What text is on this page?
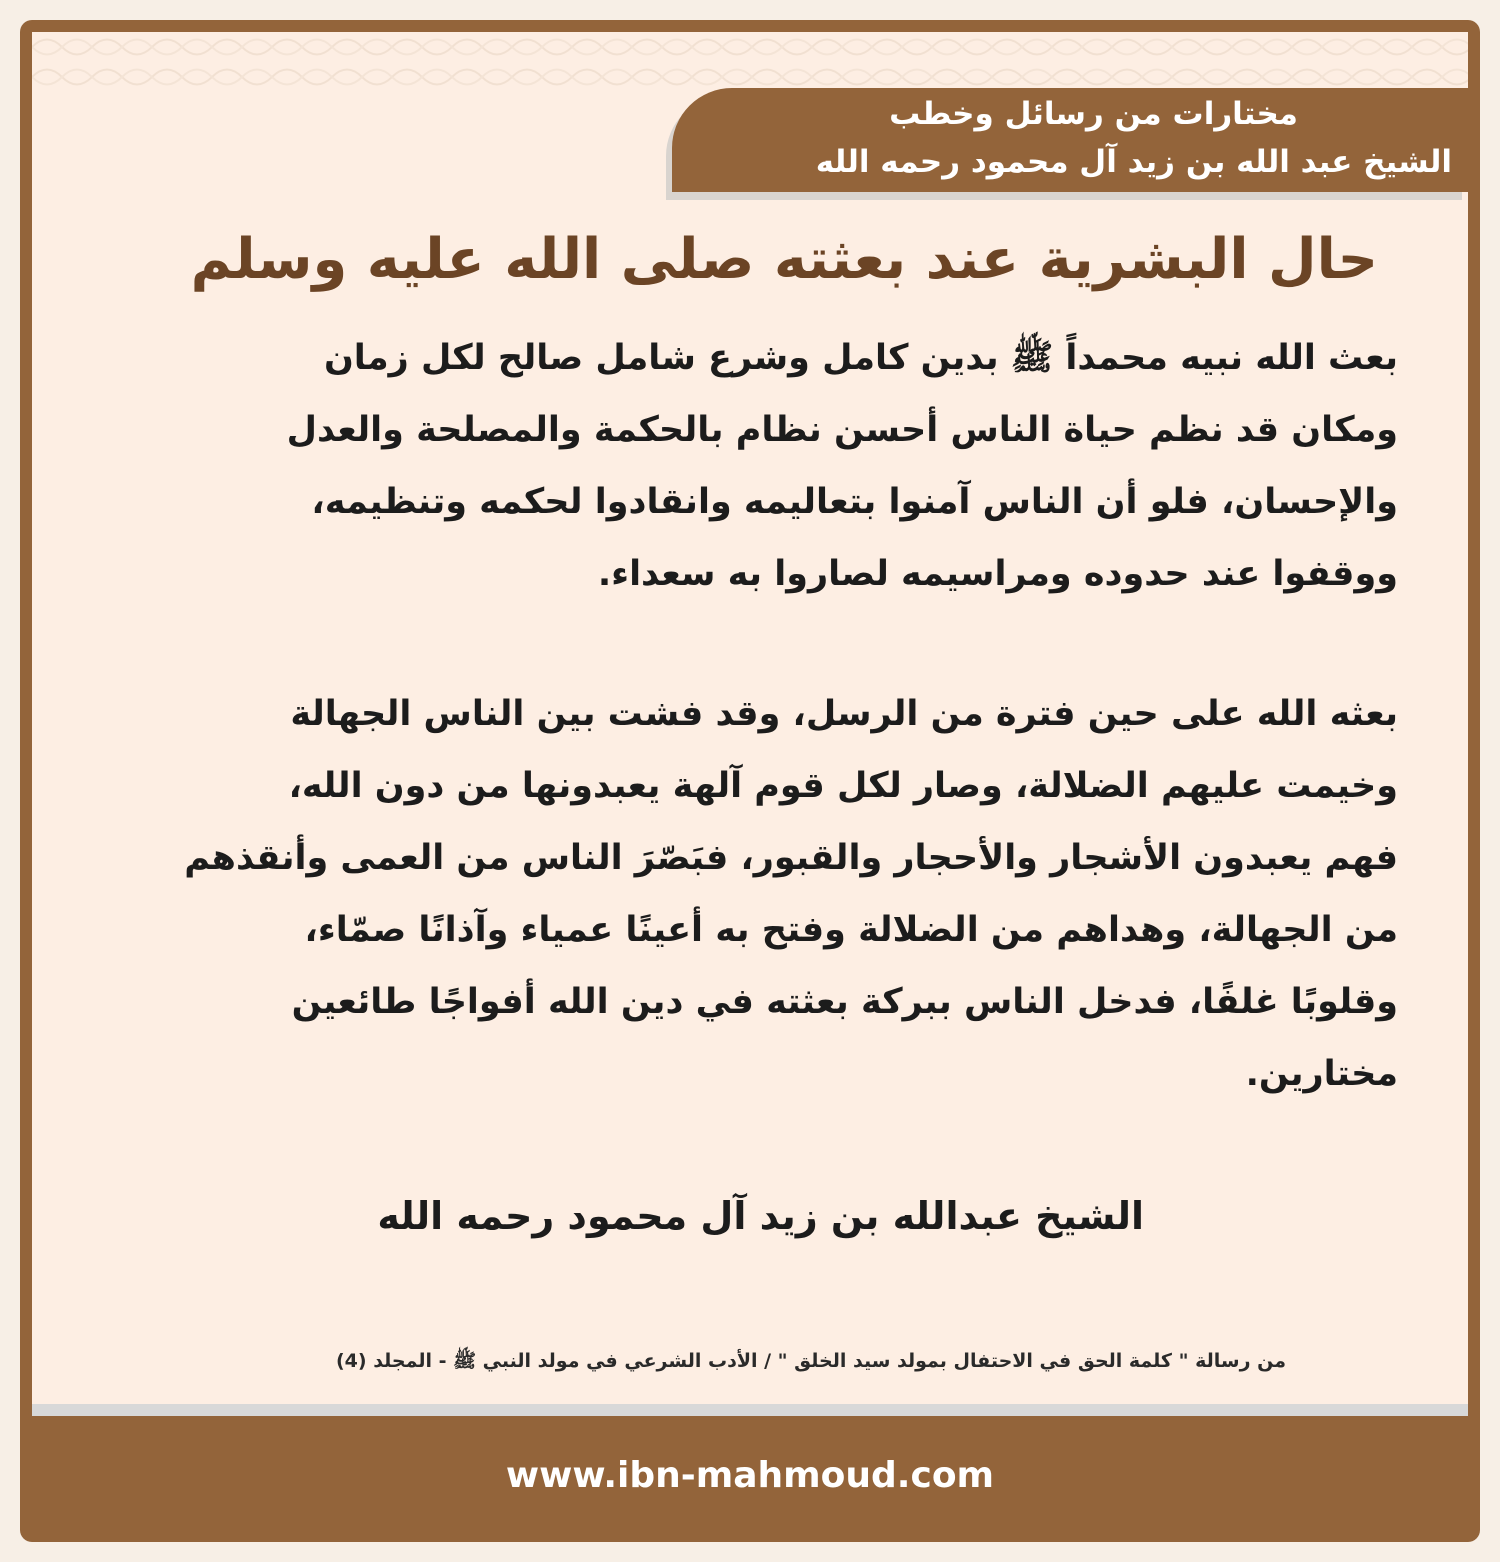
مختارات من رسائل وخطب
الشيخ عبد الله بن زيد آل محمود رحمه الله
حال البشرية عند بعثته صلى الله عليه وسلم
بعث الله نبيه محمداً ﷺ بدين كامل وشرع شامل صالح لكل زمان
ومكان قد نظم حياة الناس أحسن نظام بالحكمة والمصلحة والعدل
والإحسان، فلو أن الناس آمنوا بتعاليمه وانقادوا لحكمه وتنظيمه،
ووقفوا عند حدوده ومراسيمه لصاروا به سعداء.
بعثه الله على حين فترة من الرسل، وقد فشت بين الناس الجهالة
وخيمت عليهم الضلالة، وصار لكل قوم آلهة يعبدونها من دون الله،
فهم يعبدون الأشجار والأحجار والقبور، فبَصّرَ الناس من العمى وأنقذهم
من الجهالة، وهداهم من الضلالة وفتح به أعينًا عمياء وآذانًا صمّاء،
وقلوبًا غلفًا، فدخل الناس ببركة بعثته في دين الله أفواجًا طائعين
مختارين.
الشيخ عبدالله بن زيد آل محمود رحمه الله
من رسالة " كلمة الحق في الاحتفال بمولد سيد الخلق " / الأدب الشرعي في مولد النبي ﷺ - المجلد (4)
www.ibn-mahmoud.com
